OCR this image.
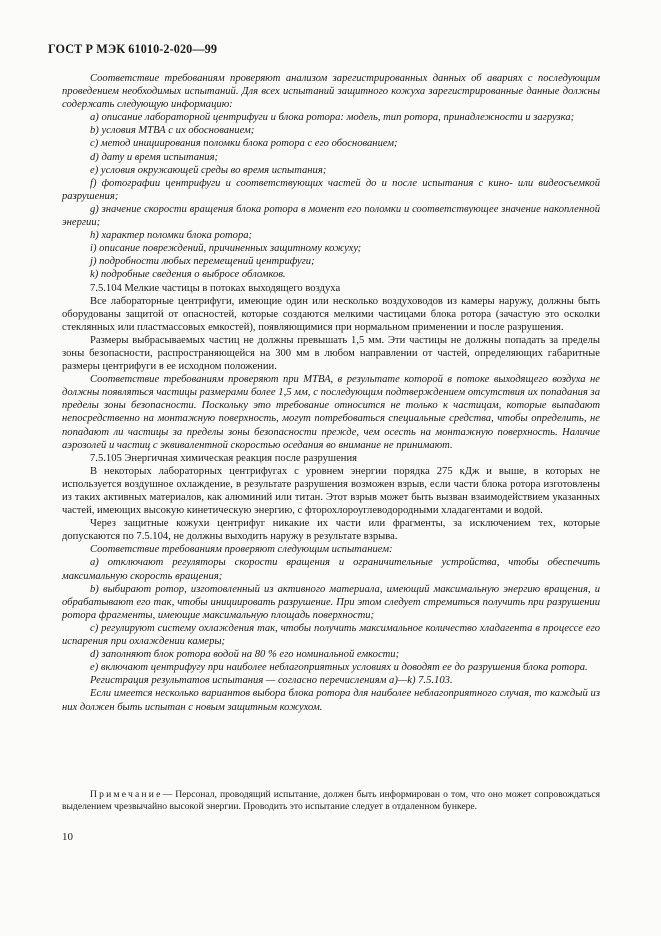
ГОСТ Р МЭК 61010-2-020—99

Соответствие требованиям проверяют анализом зарегистрированных данных об авариях с последующим проведением необходимых испытаний. Для всех испытаний защитного кожуха зарегистрированные данные должны содержать следующую информацию:

a) описание лабораторной центрифуги и блока ротора: модель, тип ротора, принадлежности и загрузка;

b) условия МТВА с их обоснованием;

c) метод инициирования поломки блока ротора с его обоснованием;

d) дату и время испытания;

e) условия окружающей среды во время испытания;

f) фотографии центрифуги и соответствующих частей до и после испытания с кино- или видеосъемкой разрушения;

g) значение скорости вращения блока ротора в момент его поломки и соответствующее значение накопленной энергии;

h) характер поломки блока ротора;

i) описание повреждений, причиненных защитному кожуху;

j) подробности любых перемещений центрифуги;

k) подробные сведения о выбросе обломков.

7.5.104 Мелкие частицы в потоках выходящего воздуха

Все лабораторные центрифуги, имеющие один или несколько воздуховодов из камеры наружу, должны быть оборудованы защитой от опасностей, которые создаются мелкими частицами блока ротора (зачастую это осколки стеклянных или пластмассовых емкостей), появляющимися при нормальном применении и после разрушения.

Размеры выбрасываемых частиц не должны превышать 1,5 мм. Эти частицы не должны попадать за пределы зоны безопасности, распространяющейся на 300 мм в любом направлении от частей, определяющих габаритные размеры центрифуги в ее исходном положении.

Соответствие требованиям проверяют при МТВА, в результате которой в потоке выходящего воздуха не должны появляться частицы размерами более 1,5 мм, с последующим подтверждением отсутствия их попадания за пределы зоны безопасности. Поскольку это требование относится не только к частицам, которые выпадают непосредственно на монтажную поверхность, могут потребоваться специальные средства, чтобы определить, не попадают ли частицы за пределы зоны безопасности прежде, чем осесть на монтажную поверхность. Наличие аэрозолей и частиц с эквивалентной скоростью оседания во внимание не принимают.

7.5.105 Энергичная химическая реакция после разрушения

В некоторых лабораторных центрифугах с уровнем энергии порядка 275 кДж и выше, в которых не используется воздушное охлаждение, в результате разрушения возможен взрыв, если части блока ротора изготовлены из таких активных материалов, как алюминий или титан. Этот взрыв может быть вызван взаимодействием указанных частей, имеющих высокую кинетическую энергию, с фторохлороуглеводородными хладагентами и водой.

Через защитные кожухи центрифуг никакие их части или фрагменты, за исключением тех, которые допускаются по 7.5.104, не должны выходить наружу в результате взрыва.

Соответствие требованиям проверяют следующим испытанием:

a) отключают регуляторы скорости вращения и ограничительные устройства, чтобы обеспечить максимальную скорость вращения;

b) выбирают ротор, изготовленный из активного материала, имеющий максимальную энергию вращения, и обрабатывают его так, чтобы инициировать разрушение. При этом следует стремиться получить при разрушении ротора фрагменты, имеющие максимальную площадь поверхности;

c) регулируют систему охлаждения так, чтобы получить максимальное количество хладагента в процессе его испарения при охлаждении камеры;

d) заполняют блок ротора водой на 80 % его номинальной емкости;

e) включают центрифугу при наиболее неблагоприятных условиях и доводят ее до разрушения блока ротора.

Регистрация результатов испытания — согласно перечислениям a)—k) 7.5.103.

Если имеется несколько вариантов выбора блока ротора для наиболее неблагоприятного случая, то каждый из них должен быть испытан с новым защитным кожухом.

Примечание— Персонал, проводящий испытание, должен быть информирован о том, что оно может сопровождаться выделением чрезвычайно высокой энергии. Проводить это испытание следует в отдаленном бункере.

10
